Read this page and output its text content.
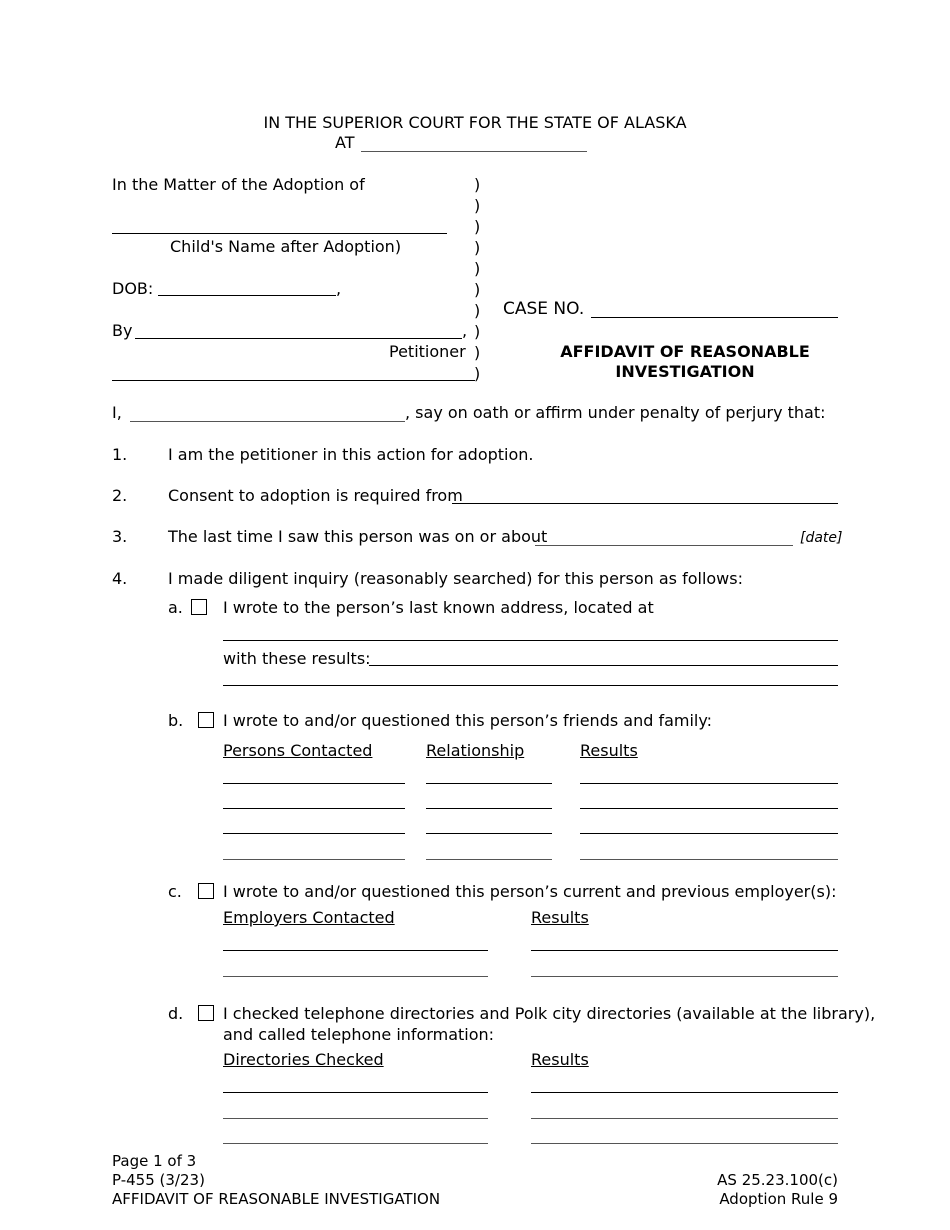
IN THE SUPERIOR COURT FOR THE STATE OF ALASKA
AT
In the Matter of the Adoption of
Child's Name after Adoption)
DOB:	,
By	,
Petitioner
)
)
)
)
)
)
)
)
)
)
CASE NO.
AFFIDAVIT OF REASONABLE
INVESTIGATION
I,	, say on oath or affirm under penalty of perjury that:
1.	I am the petitioner in this action for adoption.
2.	Consent to adoption is required from
3.	The last time I saw this person was on or about	[date]
4.	I made diligent inquiry (reasonably searched) for this person as follows:
a.	I wrote to the person’s last known address, located at
with these results:
b. I wrote to and/or questioned this person’s friends and family:
Persons Contacted	Relationship	Results
c.	I wrote to and/or questioned this person’s current and previous employer(s):
Employers Contacted	Results
d. I checked telephone directories and Polk city directories (available at the library),
and called telephone information:
Directories Checked	Results
Page 1 of 3
P-455 (3/23)
AFFIDAVIT OF REASONABLE INVESTIGATION
AS 25.23.100(c)
Adoption Rule 9
